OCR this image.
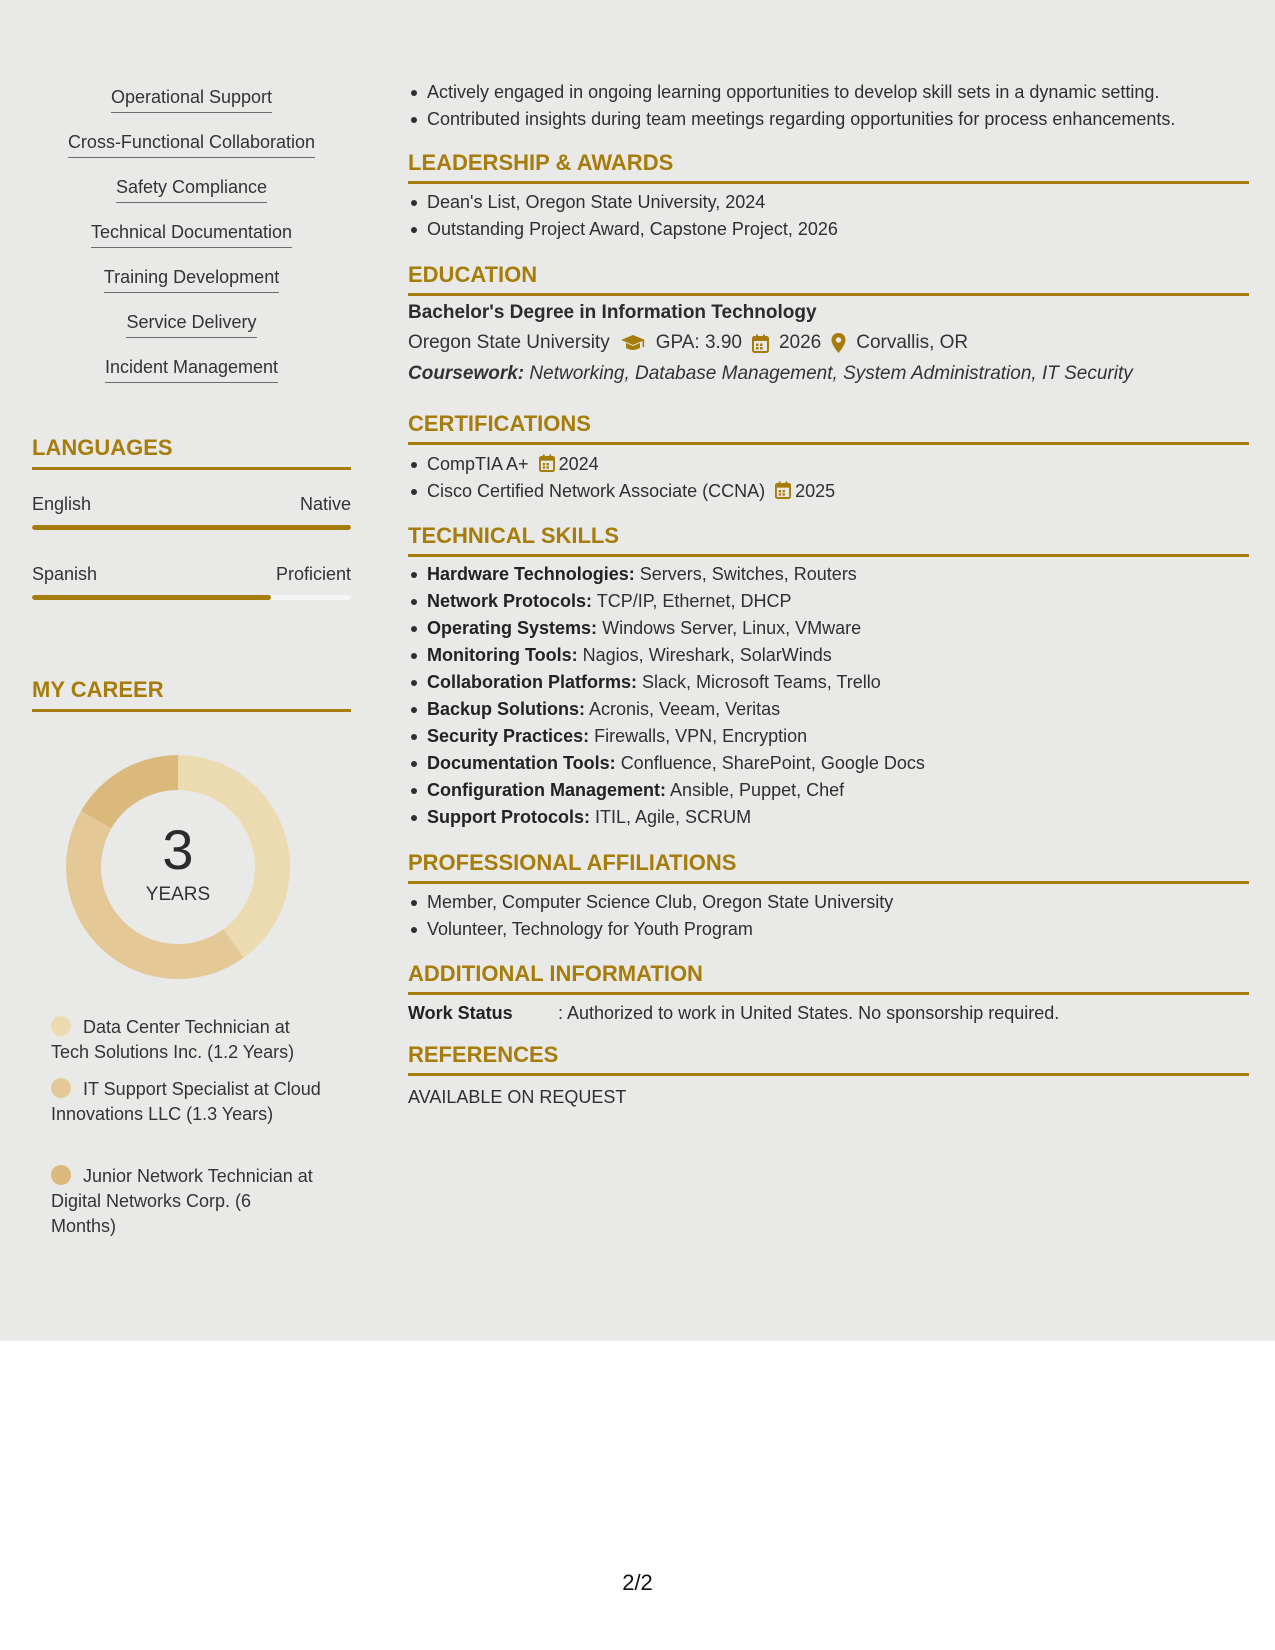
Operational Support
Cross-Functional Collaboration
Safety Compliance
Technical Documentation
Training Development
Service Delivery
Incident Management
LANGUAGES
English	Native
Spanish	Proficient
MY CAREER
3
YEARS
Data Center Technician at Tech Solutions Inc. (1.2 Years)
IT Support Specialist at Cloud Innovations LLC (1.3 Years)
Junior Network Technician at Digital Networks Corp. (6 Months)
Actively engaged in ongoing learning opportunities to develop skill sets in a dynamic setting.
Contributed insights during team meetings regarding opportunities for process enhancements.
LEADERSHIP & AWARDS
Dean's List, Oregon State University, 2024
Outstanding Project Award, Capstone Project, 2026
EDUCATION
Bachelor's Degree in Information Technology
Oregon State University GPA: 3.90 2026 Corvallis, OR
Coursework: Networking, Database Management, System Administration, IT Security
CERTIFICATIONS
CompTIA A+ 2024
Cisco Certified Network Associate (CCNA) 2025
TECHNICAL SKILLS
Hardware Technologies: Servers, Switches, Routers
Network Protocols: TCP/IP, Ethernet, DHCP
Operating Systems: Windows Server, Linux, VMware
Monitoring Tools: Nagios, Wireshark, SolarWinds
Collaboration Platforms: Slack, Microsoft Teams, Trello
Backup Solutions: Acronis, Veeam, Veritas
Security Practices: Firewalls, VPN, Encryption
Documentation Tools: Confluence, SharePoint, Google Docs
Configuration Management: Ansible, Puppet, Chef
Support Protocols: ITIL, Agile, SCRUM
PROFESSIONAL AFFILIATIONS
Member, Computer Science Club, Oregon State University
Volunteer, Technology for Youth Program
ADDITIONAL INFORMATION
Work Status	: Authorized to work in United States. No sponsorship required.
REFERENCES
AVAILABLE ON REQUEST
2/2
